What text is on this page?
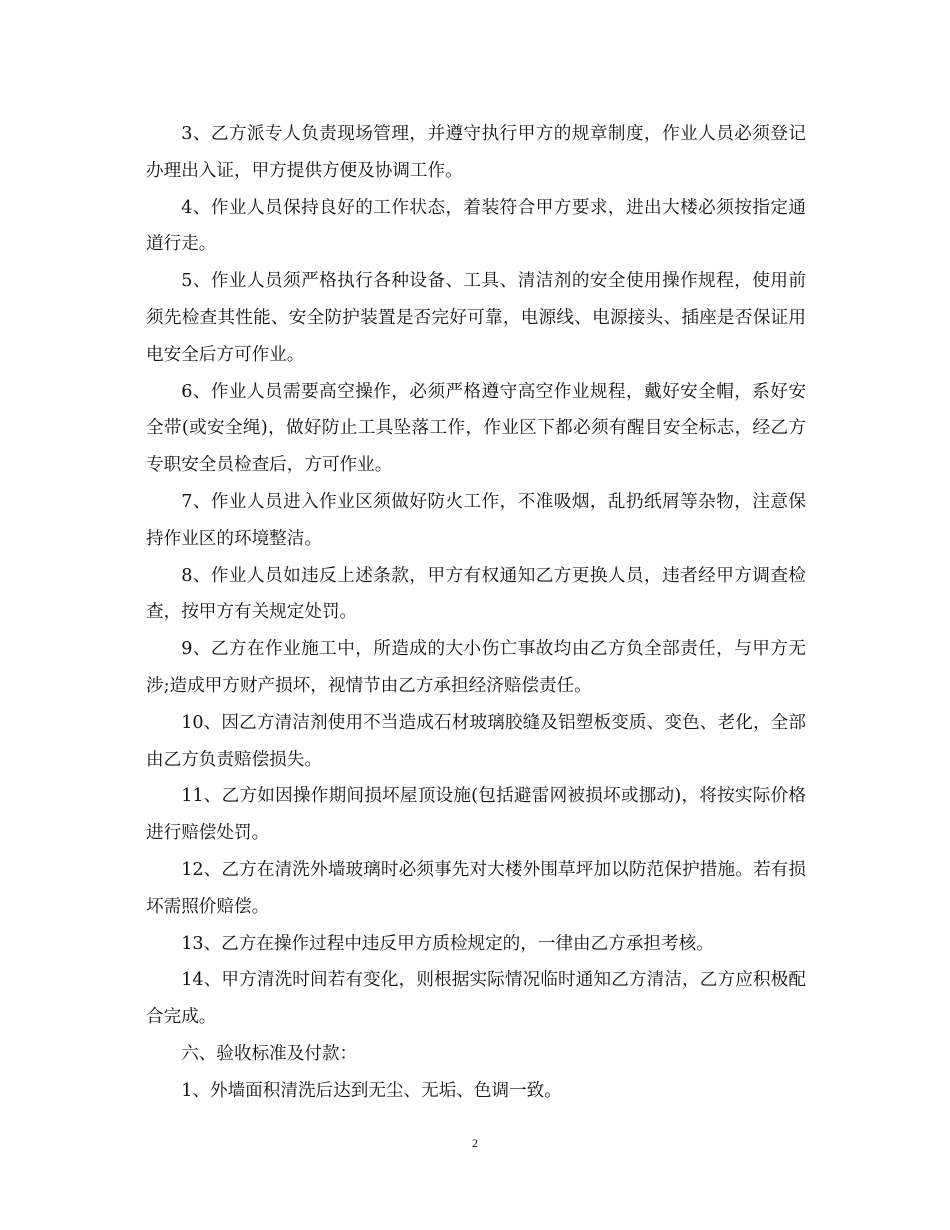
3、乙方派专人负责现场管理，并遵守执行甲方的规章制度，作业人员必须登记办理出入证，甲方提供方便及协调工作。

4、作业人员保持良好的工作状态，着装符合甲方要求，进出大楼必须按指定通道行走。

5、作业人员须严格执行各种设备、工具、清洁剂的安全使用操作规程，使用前须先检查其性能、安全防护装置是否完好可靠，电源线、电源接头、插座是否保证用电安全后方可作业。

6、作业人员需要高空操作，必须严格遵守高空作业规程，戴好安全帽，系好安全带(或安全绳)，做好防止工具坠落工作，作业区下都必须有醒目安全标志，经乙方专职安全员检查后，方可作业。

7、作业人员进入作业区须做好防火工作，不准吸烟，乱扔纸屑等杂物，注意保持作业区的环境整洁。

8、作业人员如违反上述条款，甲方有权通知乙方更换人员，违者经甲方调查检查，按甲方有关规定处罚。

9、乙方在作业施工中，所造成的大小伤亡事故均由乙方负全部责任，与甲方无涉;造成甲方财产损坏，视情节由乙方承担经济赔偿责任。

10、因乙方清洁剂使用不当造成石材玻璃胶缝及铝塑板变质、变色、老化，全部由乙方负责赔偿损失。

11、乙方如因操作期间损坏屋顶设施(包括避雷网被损坏或挪动)，将按实际价格进行赔偿处罚。

12、乙方在清洗外墙玻璃时必须事先对大楼外围草坪加以防范保护措施。若有损坏需照价赔偿。

13、乙方在操作过程中违反甲方质检规定的，一律由乙方承担考核。

14、甲方清洗时间若有变化，则根据实际情况临时通知乙方清洁，乙方应积极配合完成。

六、验收标准及付款：

1、外墙面积清洗后达到无尘、无垢、色调一致。

2
